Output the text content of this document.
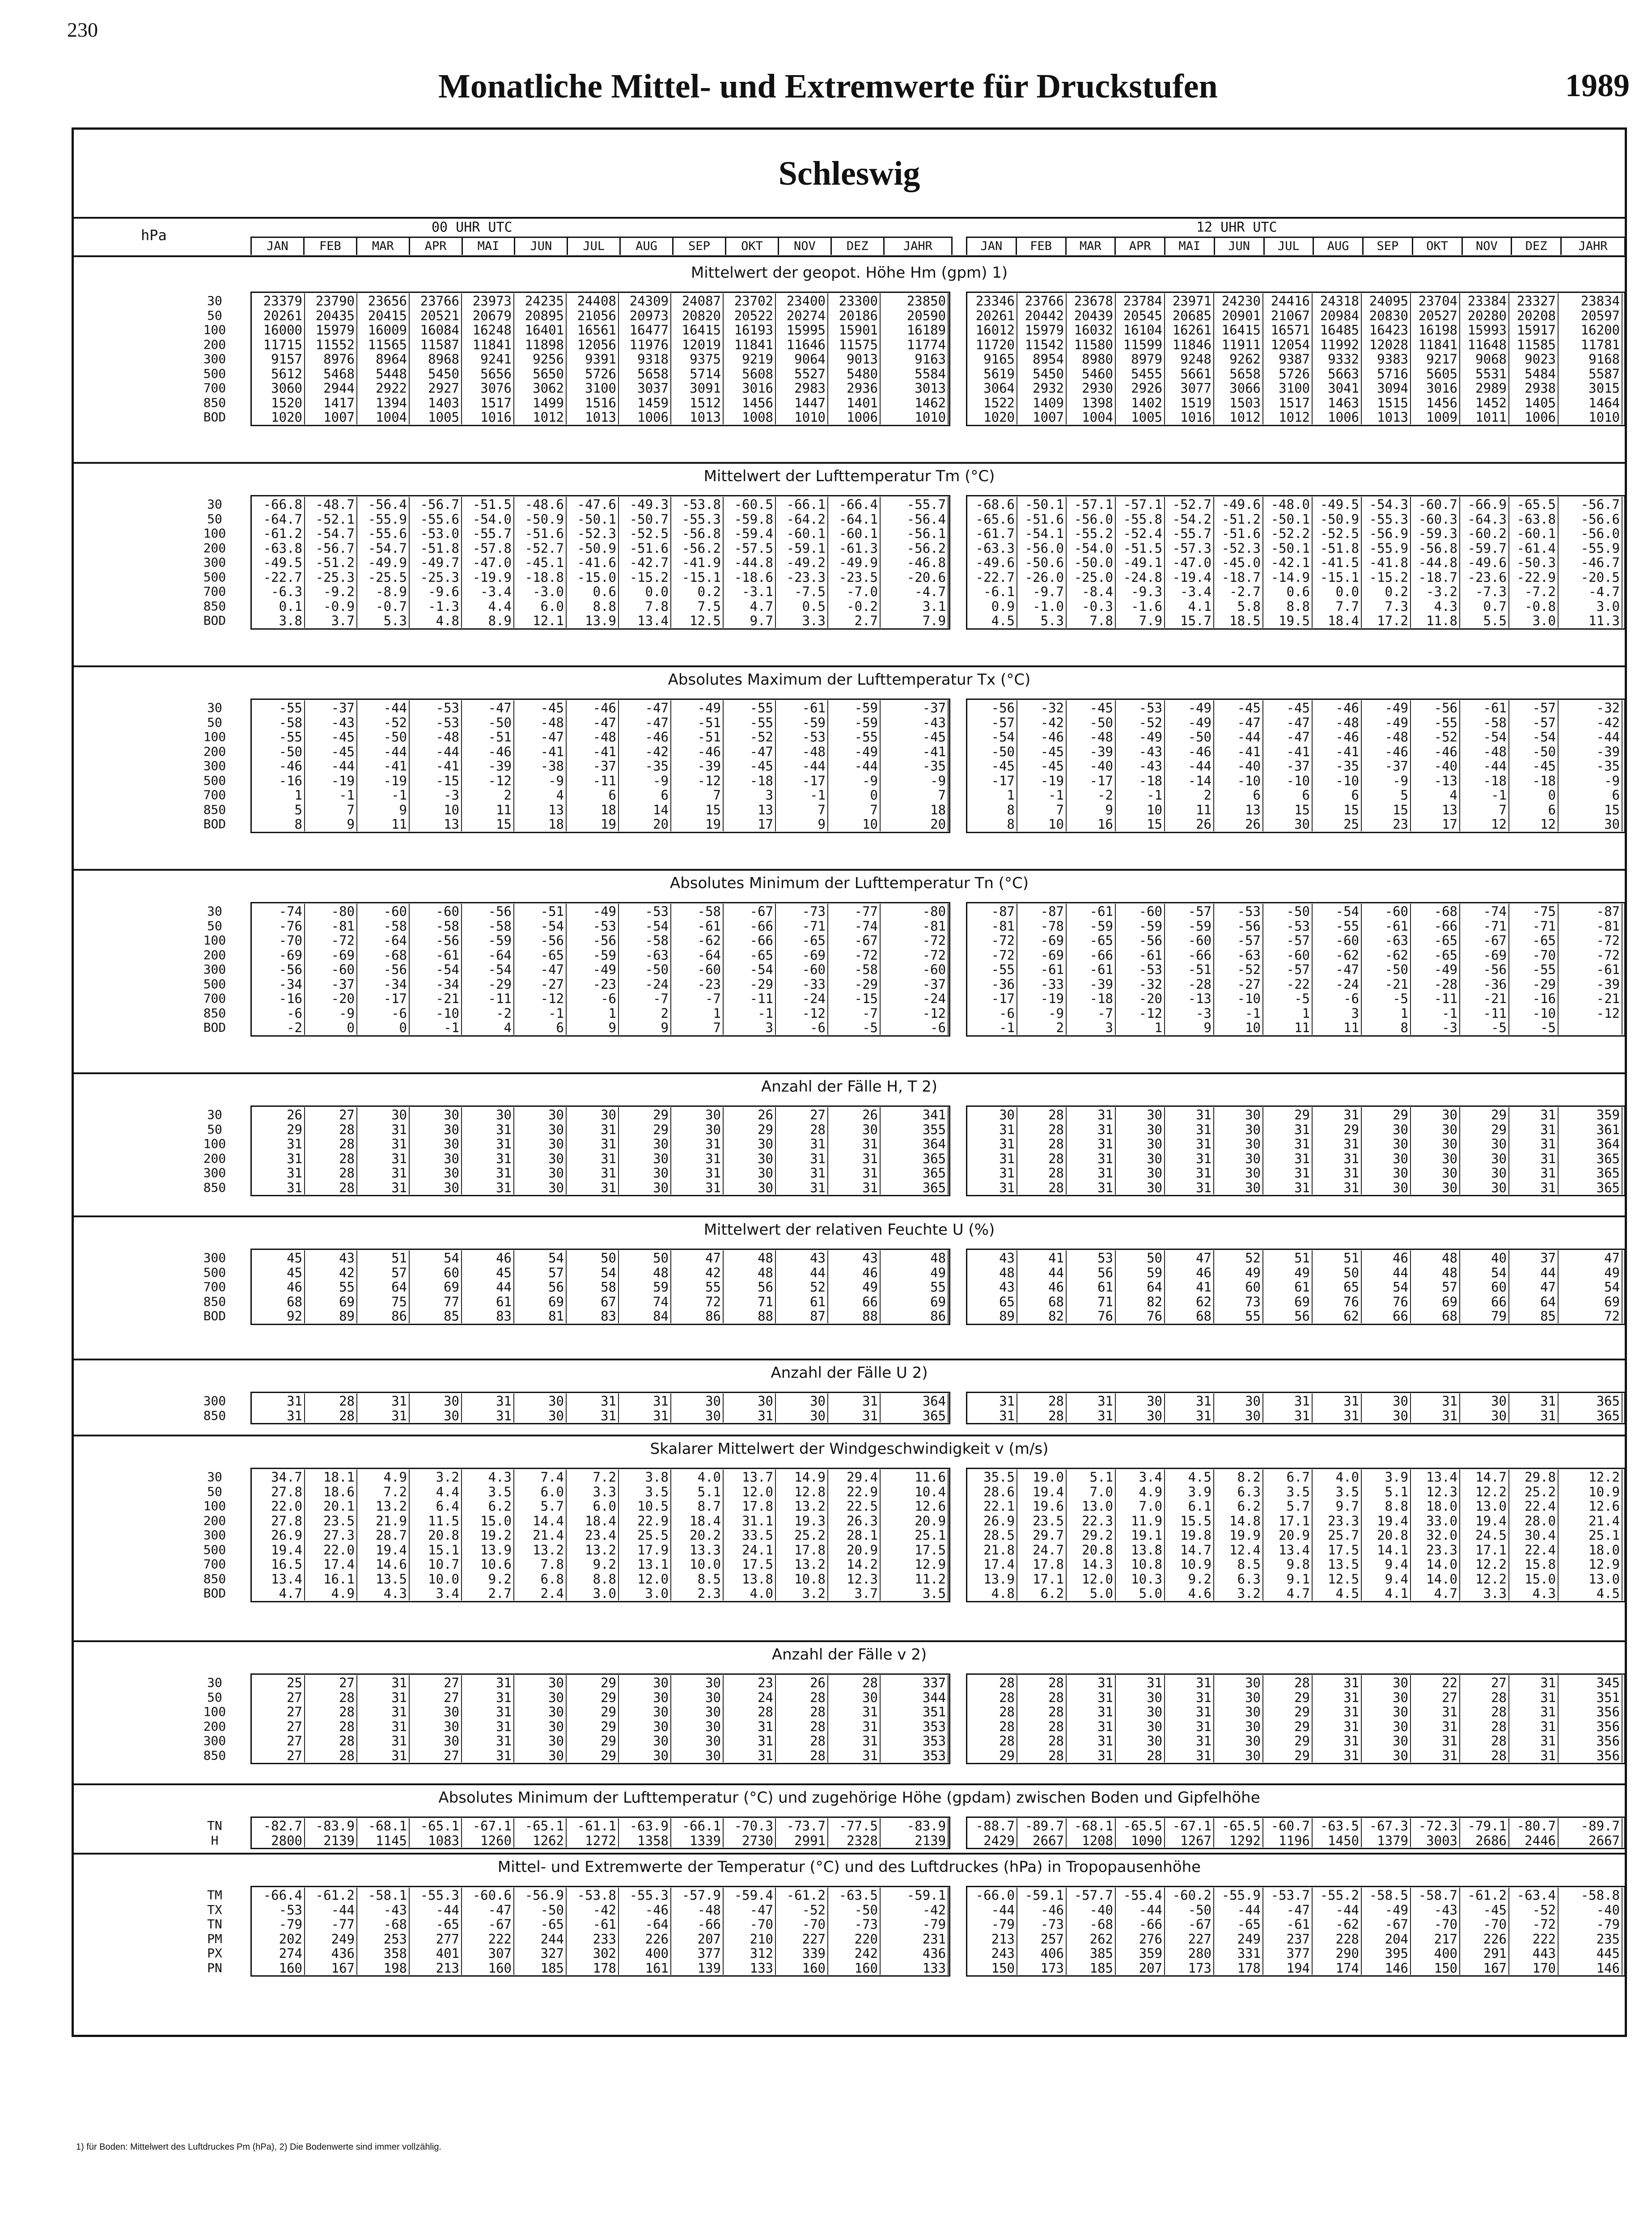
230
Monatliche Mittel- und Extremwerte für Druckstufen	1989
Schleswig
hPa	00 UHR UTC	12 UHR UTC
JAN	FEB	MAR	APR	MAI	JUN	JUL	AUG	SEP	OKT	NOV	DEZ	JAHR	JAN	FEB	MAR	APR	MAI	JUN	JUL	AUG	SEP	OKT	NOV	DEZ	JAHR
Mittelwert der geopot. Höhe Hm (gpm) 1)
30	23379	23790	23656	23766	23973	24235	24408	24309	24087	23702	23400	23300	23850	23346 23766 23678 23784 23971 24230 24416 24318 24095 23704 23384 23327	23834
50	20261	20435	20415	20521	20679	20895	21056	20973	20820	20522	20274	20186	20590	20261 20442 20439 20545 20685 20901 21067 20984 20830 20527 20280 20208	20597
100	16000	15979	16009	16084	16248	16401	16561	16477	16415	16193	15995	15901	16189	16012 15979 16032 16104 16261 16415 16571 16485 16423 16198 15993 15917	16200
200	11715	11552	11565	11587	11841	11898	12056	11976	12019	11841	11646	11575	11774	11720 11542 11580 11599 11846 11911 12054 11992 12028 11841 11648 11585	11781
300	9157	8976	8964	8968	9241	9256	9391	9318	9375	9219	9064	9013	9163	9165	8954	8980	8979	9248	9262	9387	9332	9383	9217	9068	9023	9168
500	5612	5468	5448	5450	5656	5650	5726	5658	5714	5608	5527	5480	5584	5619	5450	5460	5455	5661	5658	5726	5663	5716	5605	5531	5484	5587
700	3060	2944	2922	2927	3076	3062	3100	3037	3091	3016	2983	2936	3013	3064	2932	2930	2926	3077	3066	3100	3041	3094	3016	2989	2938	3015
850	1520	1417	1394	1403	1517	1499	1516	1459	1512	1456	1447	1401	1462	1522	1409	1398	1402	1519	1503	1517	1463	1515	1456	1452	1405	1464
BOD	1020	1007	1004	1005	1016	1012	1013	1006	1013	1008	1010	1006	1010	1020	1007	1004	1005	1016	1012	1012	1006	1013	1009	1011	1006	1010
Mittelwert der Lufttemperatur Tm (°C)
30	-66.8	-48.7	-56.4	-56.7	-51.5	-48.6	-47.6	-49.3	-53.8	-60.5	-66.1	-66.4	-55.7	-68.6 -50.1 -57.1 -57.1 -52.7 -49.6 -48.0 -49.5 -54.3 -60.7 -66.9 -65.5	-56.7
50	-64.7	-52.1	-55.9	-55.6	-54.0	-50.9	-50.1	-50.7	-55.3	-59.8	-64.2	-64.1	-56.4	-65.6 -51.6 -56.0 -55.8 -54.2 -51.2 -50.1 -50.9 -55.3 -60.3 -64.3 -63.8	-56.6
100	-61.2	-54.7	-55.6	-53.0	-55.7	-51.6	-52.3	-52.5	-56.8	-59.4	-60.1	-60.1	-56.1	-61.7 -54.1 -55.2 -52.4 -55.7 -51.6 -52.2 -52.5 -56.9 -59.3 -60.2 -60.1	-56.0
200	-63.8	-56.7	-54.7	-51.8	-57.8	-52.7	-50.9	-51.6	-56.2	-57.5	-59.1	-61.3	-56.2	-63.3 -56.0 -54.0 -51.5 -57.3 -52.3 -50.1 -51.8 -55.9 -56.8 -59.7 -61.4	-55.9
300	-49.5	-51.2	-49.9	-49.7	-47.0	-45.1	-41.6	-42.7	-41.9	-44.8	-49.2	-49.9	-46.8	-49.6 -50.6 -50.0 -49.1 -47.0 -45.0 -42.1 -41.5 -41.8 -44.8 -49.6 -50.3	-46.7
500	-22.7	-25.3	-25.5	-25.3	-19.9	-18.8	-15.0	-15.2	-15.1	-18.6	-23.3	-23.5	-20.6	-22.7 -26.0 -25.0 -24.8 -19.4 -18.7 -14.9 -15.1 -15.2 -18.7 -23.6 -22.9	-20.5
700	-6.3	-9.2	-8.9	-9.6	-3.4	-3.0	0.6	0.0	0.2	-3.1	-7.5	-7.0	-4.7	-6.1	-9.7	-8.4	-9.3	-3.4	-2.7	0.6	0.0	0.2	-3.2	-7.3	-7.2	-4.7
850	0.1	-0.9	-0.7	-1.3	4.4	6.0	8.8	7.8	7.5	4.7	0.5	-0.2	3.1	0.9	-1.0	-0.3	-1.6	4.1	5.8	8.8	7.7	7.3	4.3	0.7	-0.8	3.0
BOD	3.8	3.7	5.3	4.8	8.9	12.1	13.9	13.4	12.5	9.7	3.3	2.7	7.9	4.5	5.3	7.8	7.9	15.7	18.5	19.5	18.4	17.2	11.8	5.5	3.0	11.3
Absolutes Maximum der Lufttemperatur Tx (°C)
30	-55	-37	-44	-53	-47	-45	-46	-47	-49	-55	-61	-59	-37	-56	-32	-45	-53	-49	-45	-45	-46	-49	-56	-61	-57	-32
50	-58	-43	-52	-53	-50	-48	-47	-47	-51	-55	-59	-59	-43	-57	-42	-50	-52	-49	-47	-47	-48	-49	-55	-58	-57	-42
100	-55	-45	-50	-48	-51	-47	-48	-46	-51	-52	-53	-55	-45	-54	-46	-48	-49	-50	-44	-47	-46	-48	-52	-54	-54	-44
200	-50	-45	-44	-44	-46	-41	-41	-42	-46	-47	-48	-49	-41	-50	-45	-39	-43	-46	-41	-41	-41	-46	-46	-48	-50	-39
300	-46	-44	-41	-41	-39	-38	-37	-35	-39	-45	-44	-44	-35	-45	-45	-40	-43	-44	-40	-37	-35	-37	-40	-44	-45	-35
500	-16	-19	-19	-15	-12	-9	-11	-9	-12	-18	-17	-9	-9	-17	-19	-17	-18	-14	-10	-10	-10	-9	-13	-18	-18	-9
700	1	-1	-1	-3	2	4	6	6	7	3	-1	0	7	1	-1	-2	-1	2	6	6	6	5	4	-1	0	6
850	5	7	9	10	11	13	18	14	15	13	7	7	18	8	7	9	10	11	13	15	15	15	13	7	6	15
BOD	8	9	11	13	15	18	19	20	19	17	9	10	20	8	10	16	15	26	26	30	25	23	17	12	12	30
Absolutes Minimum der Lufttemperatur Tn (°C)
30	-74	-80	-60	-60	-56	-51	-49	-53	-58	-67	-73	-77	-80	-87	-87	-61	-60	-57	-53	-50	-54	-60	-68	-74	-75	-87
50	-76	-81	-58	-58	-58	-54	-53	-54	-61	-66	-71	-74	-81	-81	-78	-59	-59	-59	-56	-53	-55	-61	-66	-71	-71	-81
100	-70	-72	-64	-56	-59	-56	-56	-58	-62	-66	-65	-67	-72	-72	-69	-65	-56	-60	-57	-57	-60	-63	-65	-67	-65	-72
200	-69	-69	-68	-61	-64	-65	-59	-63	-64	-65	-69	-72	-72	-72	-69	-66	-61	-66	-63	-60	-62	-62	-65	-69	-70	-72
300	-56	-60	-56	-54	-54	-47	-49	-50	-60	-54	-60	-58	-60	-55	-61	-61	-53	-51	-52	-57	-47	-50	-49	-56	-55	-61
500	-34	-37	-34	-34	-29	-27	-23	-24	-23	-29	-33	-29	-37	-36	-33	-39	-32	-28	-27	-22	-24	-21	-28	-36	-29	-39
700	-16	-20	-17	-21	-11	-12	-6	-7	-7	-11	-24	-15	-24	-17	-19	-18	-20	-13	-10	-5	-6	-5	-11	-21	-16	-21
850	-6	-9	-6	-10	-2	-1	1	2	1	-1	-12	-7	-12	-6	-9	-7	-12	-3	-1	1	3	1	-1	-11	-10	-12
BOD	-2	0	0	-1	4	6	9	9	7	3	-6	-5	-6	-1	2	3	1	9	10	11	11	8	-3	-5	-5
Anzahl der Fälle H, T 2)
30	26	27	30	30	30	30	30	29	30	26	27	26	341	30	28	31	30	31	30	29	31	29	30	29	31	359
50	29	28	31	30	31	30	31	29	30	29	28	30	355	31	28	31	30	31	30	31	29	30	30	29	31	361
100	31	28	31	30	31	30	31	30	31	30	31	31	364	31	28	31	30	31	30	31	31	30	30	30	31	364
200	31	28	31	30	31	30	31	30	31	30	31	31	365	31	28	31	30	31	30	31	31	30	30	30	31	365
300	31	28	31	30	31	30	31	30	31	30	31	31	365	31	28	31	30	31	30	31	31	30	30	30	31	365
850	31	28	31	30	31	30	31	30	31	30	31	31	365	31	28	31	30	31	30	31	31	30	30	30	31	365
Mittelwert der relativen Feuchte U (%)
300	45	43	51	54	46	54	50	50	47	48	43	43	48	43	41	53	50	47	52	51	51	46	48	40	37	47
500	45	42	57	60	45	57	54	48	42	48	44	46	49	48	44	56	59	46	49	49	50	44	48	54	44	49
700	46	55	64	69	44	56	58	59	55	56	52	49	55	43	46	61	64	41	60	61	65	54	57	60	47	54
850	68	69	75	77	61	69	67	74	72	71	61	66	69	65	68	71	82	62	73	69	76	76	69	66	64	69
BOD	92	89	86	85	83	81	83	84	86	88	87	88	86	89	82	76	76	68	55	56	62	66	68	79	85	72
Anzahl der Fälle U 2)
300	31	28	31	30	31	30	31	31	30	30	30	31	364	31	28	31	30	31	30	31	31	30	31	30	31	365
850	31	28	31	30	31	30	31	31	30	31	30	31	365	31	28	31	30	31	30	31	31	30	31	30	31	365
Skalarer Mittelwert der Windgeschwindigkeit v (m/s)
30	34.7	18.1	4.9	3.2	4.3	7.4	7.2	3.8	4.0	13.7	14.9	29.4	11.6	35.5	19.0	5.1	3.4	4.5	8.2	6.7	4.0	3.9	13.4	14.7	29.8	12.2
50	27.8	18.6	7.2	4.4	3.5	6.0	3.3	3.5	5.1	12.0	12.8	22.9	10.4	28.6	19.4	7.0	4.9	3.9	6.3	3.5	3.5	5.1	12.3	12.2	25.2	10.9
100	22.0	20.1	13.2	6.4	6.2	5.7	6.0	10.5	8.7	17.8	13.2	22.5	12.6	22.1	19.6	13.0	7.0	6.1	6.2	5.7	9.7	8.8	18.0	13.0	22.4	12.6
200	27.8	23.5	21.9	11.5	15.0	14.4	18.4	22.9	18.4	31.1	19.3	26.3	20.9	26.9	23.5	22.3	11.9	15.5	14.8	17.1	23.3	19.4	33.0	19.4	28.0	21.4
300	26.9	27.3	28.7	20.8	19.2	21.4	23.4	25.5	20.2	33.5	25.2	28.1	25.1	28.5	29.7	29.2	19.1	19.8	19.9	20.9	25.7	20.8	32.0	24.5	30.4	25.1
500	19.4	22.0	19.4	15.1	13.9	13.2	13.2	17.9	13.3	24.1	17.8	20.9	17.5	21.8	24.7	20.8	13.8	14.7	12.4	13.4	17.5	14.1	23.3	17.1	22.4	18.0
700	16.5	17.4	14.6	10.7	10.6	7.8	9.2	13.1	10.0	17.5	13.2	14.2	12.9	17.4	17.8	14.3	10.8	10.9	8.5	9.8	13.5	9.4	14.0	12.2	15.8	12.9
850	13.4	16.1	13.5	10.0	9.2	6.8	8.8	12.0	8.5	13.8	10.8	12.3	11.2	13.9	17.1	12.0	10.3	9.2	6.3	9.1	12.5	9.4	14.0	12.2	15.0	13.0
BOD	4.7	4.9	4.3	3.4	2.7	2.4	3.0	3.0	2.3	4.0	3.2	3.7	3.5	4.8	6.2	5.0	5.0	4.6	3.2	4.7	4.5	4.1	4.7	3.3	4.3	4.5
Anzahl der Fälle v 2)
30	25	27	31	27	31	30	29	30	30	23	26	28	337	28	28	31	31	31	30	28	31	30	22	27	31	345
50	27	28	31	27	31	30	29	30	30	24	28	30	344	28	28	31	30	31	30	29	31	30	27	28	31	351
100	27	28	31	30	31	30	29	30	30	28	28	31	351	28	28	31	30	31	30	29	31	30	31	28	31	356
200	27	28	31	30	31	30	29	30	30	31	28	31	353	28	28	31	30	31	30	29	31	30	31	28	31	356
300	27	28	31	30	31	30	29	30	30	31	28	31	353	28	28	31	30	31	30	29	31	30	31	28	31	356
850	27	28	31	27	31	30	29	30	30	31	28	31	353	29	28	31	28	31	30	29	31	30	31	28	31	356
Absolutes Minimum der Lufttemperatur (°C) und zugehörige Höhe (gpdam) zwischen Boden und Gipfelhöhe
TN	-82.7	-83.9	-68.1	-65.1	-67.1	-65.1	-61.1	-63.9	-66.1	-70.3	-73.7	-77.5	-83.9	-88.7 -89.7 -68.1 -65.5 -67.1 -65.5 -60.7 -63.5 -67.3 -72.3 -79.1 -80.7	-89.7
H	2800	2139	1145	1083	1260	1262	1272	1358	1339	2730	2991	2328	2139	2429	2667	1208	1090	1267	1292	1196	1450	1379	3003	2686	2446	2667
Mittel- und Extremwerte der Temperatur (°C) und des Luftdruckes (hPa) in Tropopausenhöhe
TM	-66.4	-61.2	-58.1	-55.3	-60.6	-56.9	-53.8	-55.3	-57.9	-59.4	-61.2	-63.5	-59.1	-66.0 -59.1 -57.7 -55.4 -60.2 -55.9 -53.7 -55.2 -58.5 -58.7 -61.2 -63.4	-58.8
TX	-53	-44	-43	-44	-47	-50	-42	-46	-48	-47	-52	-50	-42	-44	-46	-40	-44	-50	-44	-47	-44	-49	-43	-45	-52	-40
TN	-79	-77	-68	-65	-67	-65	-61	-64	-66	-70	-70	-73	-79	-79	-73	-68	-66	-67	-65	-61	-62	-67	-70	-70	-72	-79
PM	202	249	253	277	222	244	233	226	207	210	227	220	231	213	257	262	276	227	249	237	228	204	217	226	222	235
PX	274	436	358	401	307	327	302	400	377	312	339	242	436	243	406	385	359	280	331	377	290	395	400	291	443	445
PN	160	167	198	213	160	185	178	161	139	133	160	160	133	150	173	185	207	173	178	194	174	146	150	167	170	146
1) für Boden: Mittelwert des Luftdruckes Pm (hPa), 2) Die Bodenwerte sind immer vollzählig.
